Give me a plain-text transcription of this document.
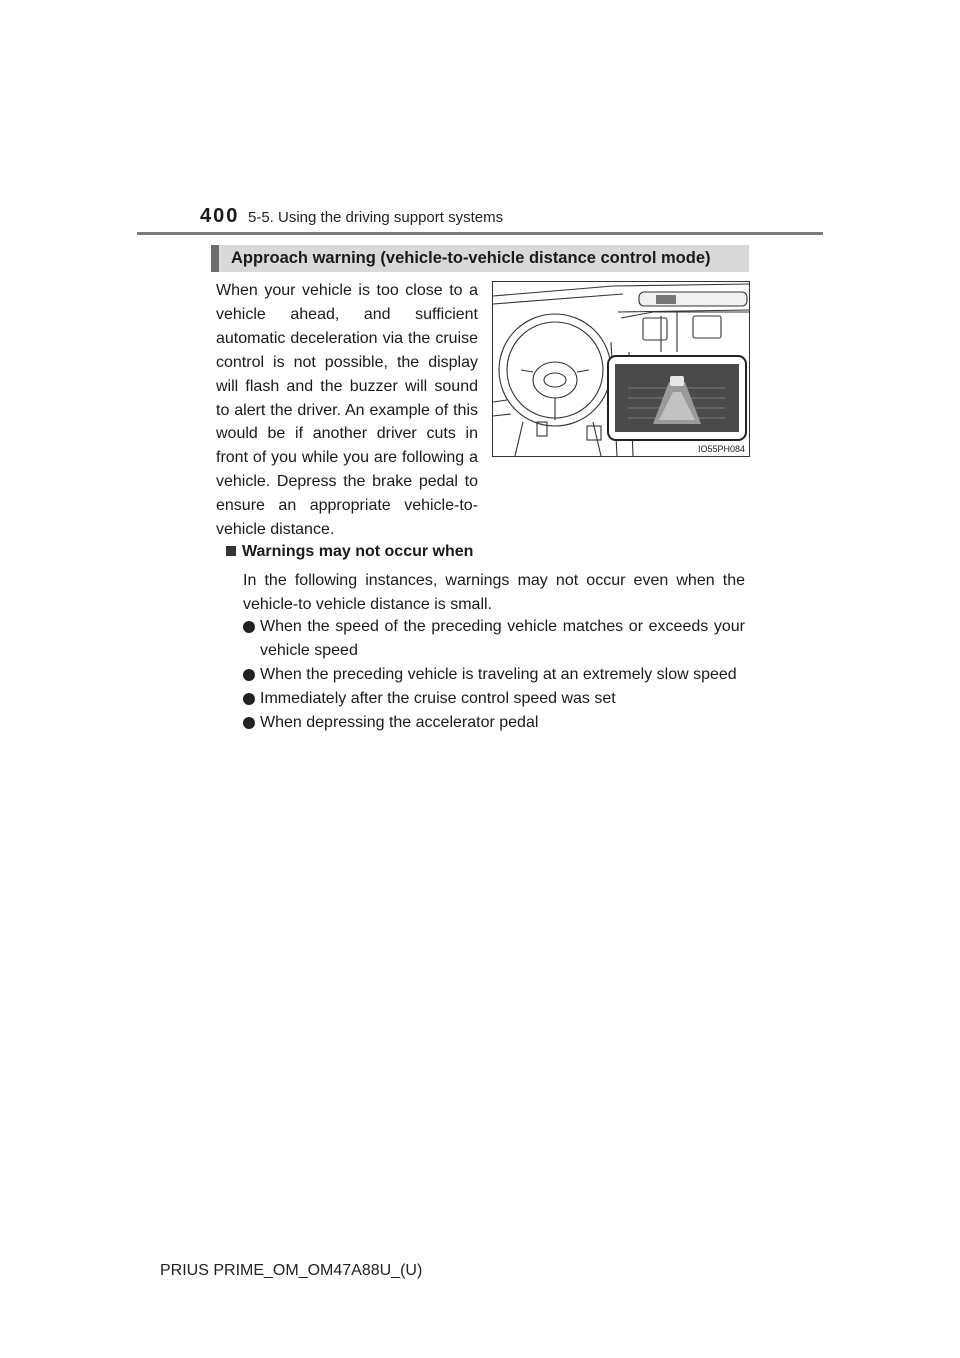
400 5-5. Using the driving support systems
Approach warning (vehicle-to-vehicle distance control mode)

When your vehicle is too close to a vehicle ahead, and sufficient automatic deceleration via the cruise control is not possible, the display will flash and the buzzer will sound to alert the driver. An example of this would be if another driver cuts in front of you while you are following a vehicle. Depress the brake pedal to ensure an appropriate vehicle-to-vehicle distance.

IO55PH084
Warnings may not occur when

In the following instances, warnings may not occur even when the vehicle-to vehicle distance is small.

When the speed of the preceding vehicle matches or exceeds your vehicle speed
When the preceding vehicle is traveling at an extremely slow speed
Immediately after the cruise control speed was set
When depressing the accelerator pedal
PRIUS PRIME_OM_OM47A88U_(U)
